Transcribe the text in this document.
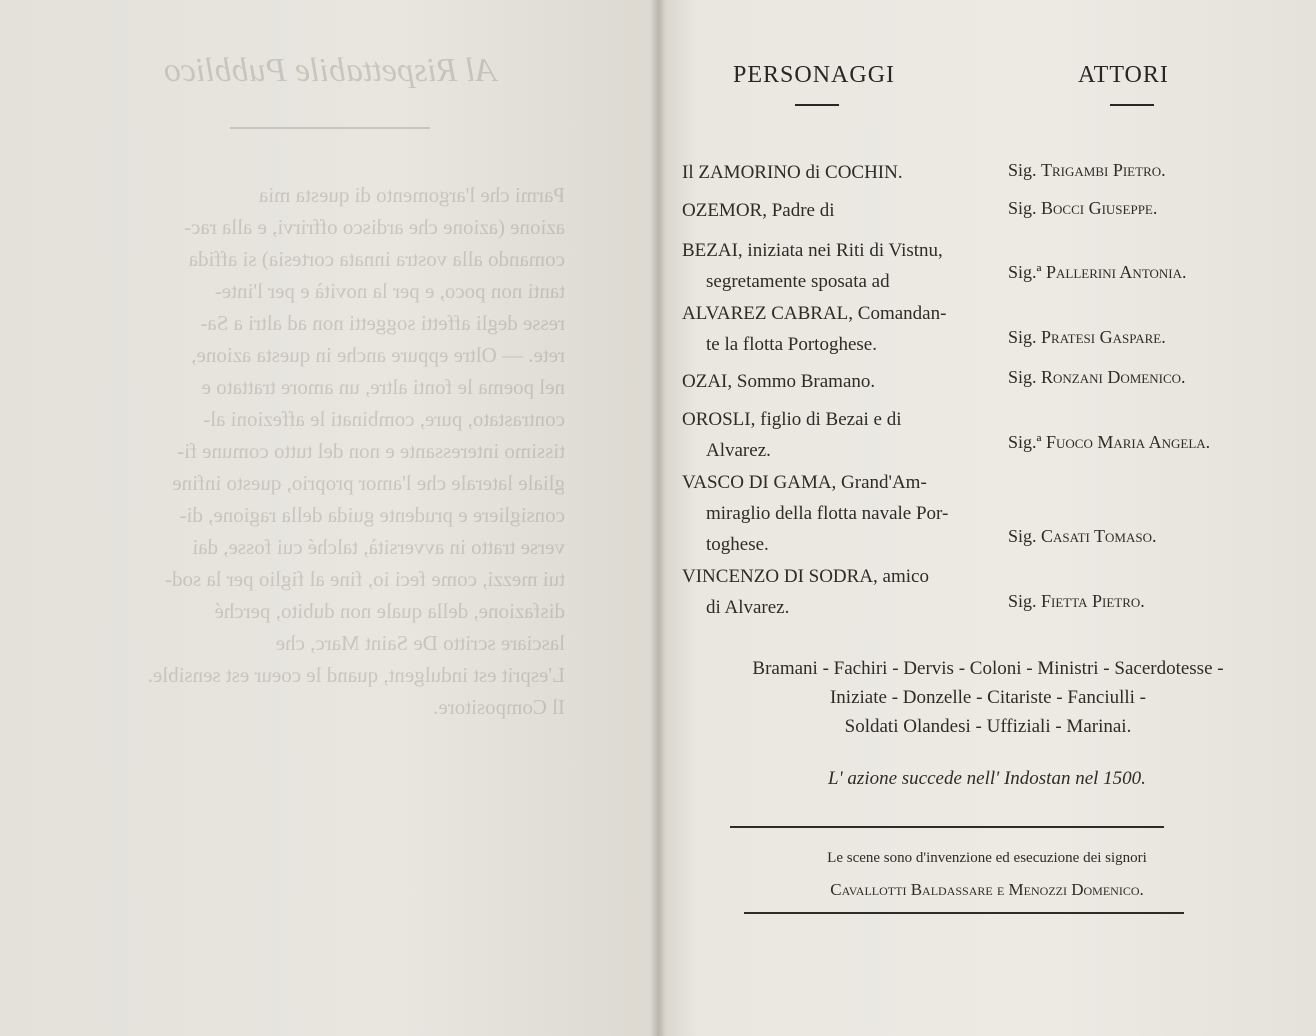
Al Rispettabile Pubblico
Parmi che l'argomento di questa mia
azione (azione che ardisco offrirvi, e alla rac-
comando alla vostra innata cortesia) si affida
tanti non poco, e per la novità e per l'inte-
resse degli affetti soggetti non ad altri a Sa-
rete. — Oltre eppure anche in questa azione,
nel poema le fonti altre, un amore trattato e
contrastato, pure, combinati le affezioni al-
tissimo interessante e non del tutto comune fi-
gliale laterale che l'amor proprio, questo infine
consigliere e prudente guida della ragione, di-
verse tratto in avversità, talché cui fosse, dai
tui mezzi, come feci io, fine al figlio per la sod-
disfazione, della quale non dubito, perché
lasciare scritto De Saint Marc, che
L'esprit est indulgent, quand le coeur est sensible.
Il Compositore.
PERSONAGGI	ATTORI
Il ZAMORINO di COCHIN.	Sig. Trigambi Pietro.
OZEMOR, Padre di	Sig. Bocci Giuseppe.
BEZAI, iniziata nei Riti di Vistnu,
segretamente sposata ad	Sig.ª Pallerini Antonia.
ALVAREZ CABRAL, Comandan-
te la flotta Portoghese.	Sig. Pratesi Gaspare.
OZAI, Sommo Bramano.	Sig. Ronzani Domenico.
OROSLI, figlio di Bezai e di
Alvarez.	Sig.ª Fuoco Maria Angela.
VASCO DI GAMA, Grand'Am-
miraglio della flotta navale Por-
toghese.	Sig. Casati Tomaso.
VINCENZO DI SODRA, amico
di Alvarez.	Sig. Fietta Pietro.
Bramani - Fachiri - Dervis - Coloni - Ministri - Sacerdotesse -
Iniziate - Donzelle - Citariste - Fanciulli -
Soldati Olandesi - Uffiziali - Marinai.
L' azione succede nell' Indostan nel 1500.
Le scene sono d'invenzione ed esecuzione dei signori
Cavallotti Baldassare e Menozzi Domenico.
